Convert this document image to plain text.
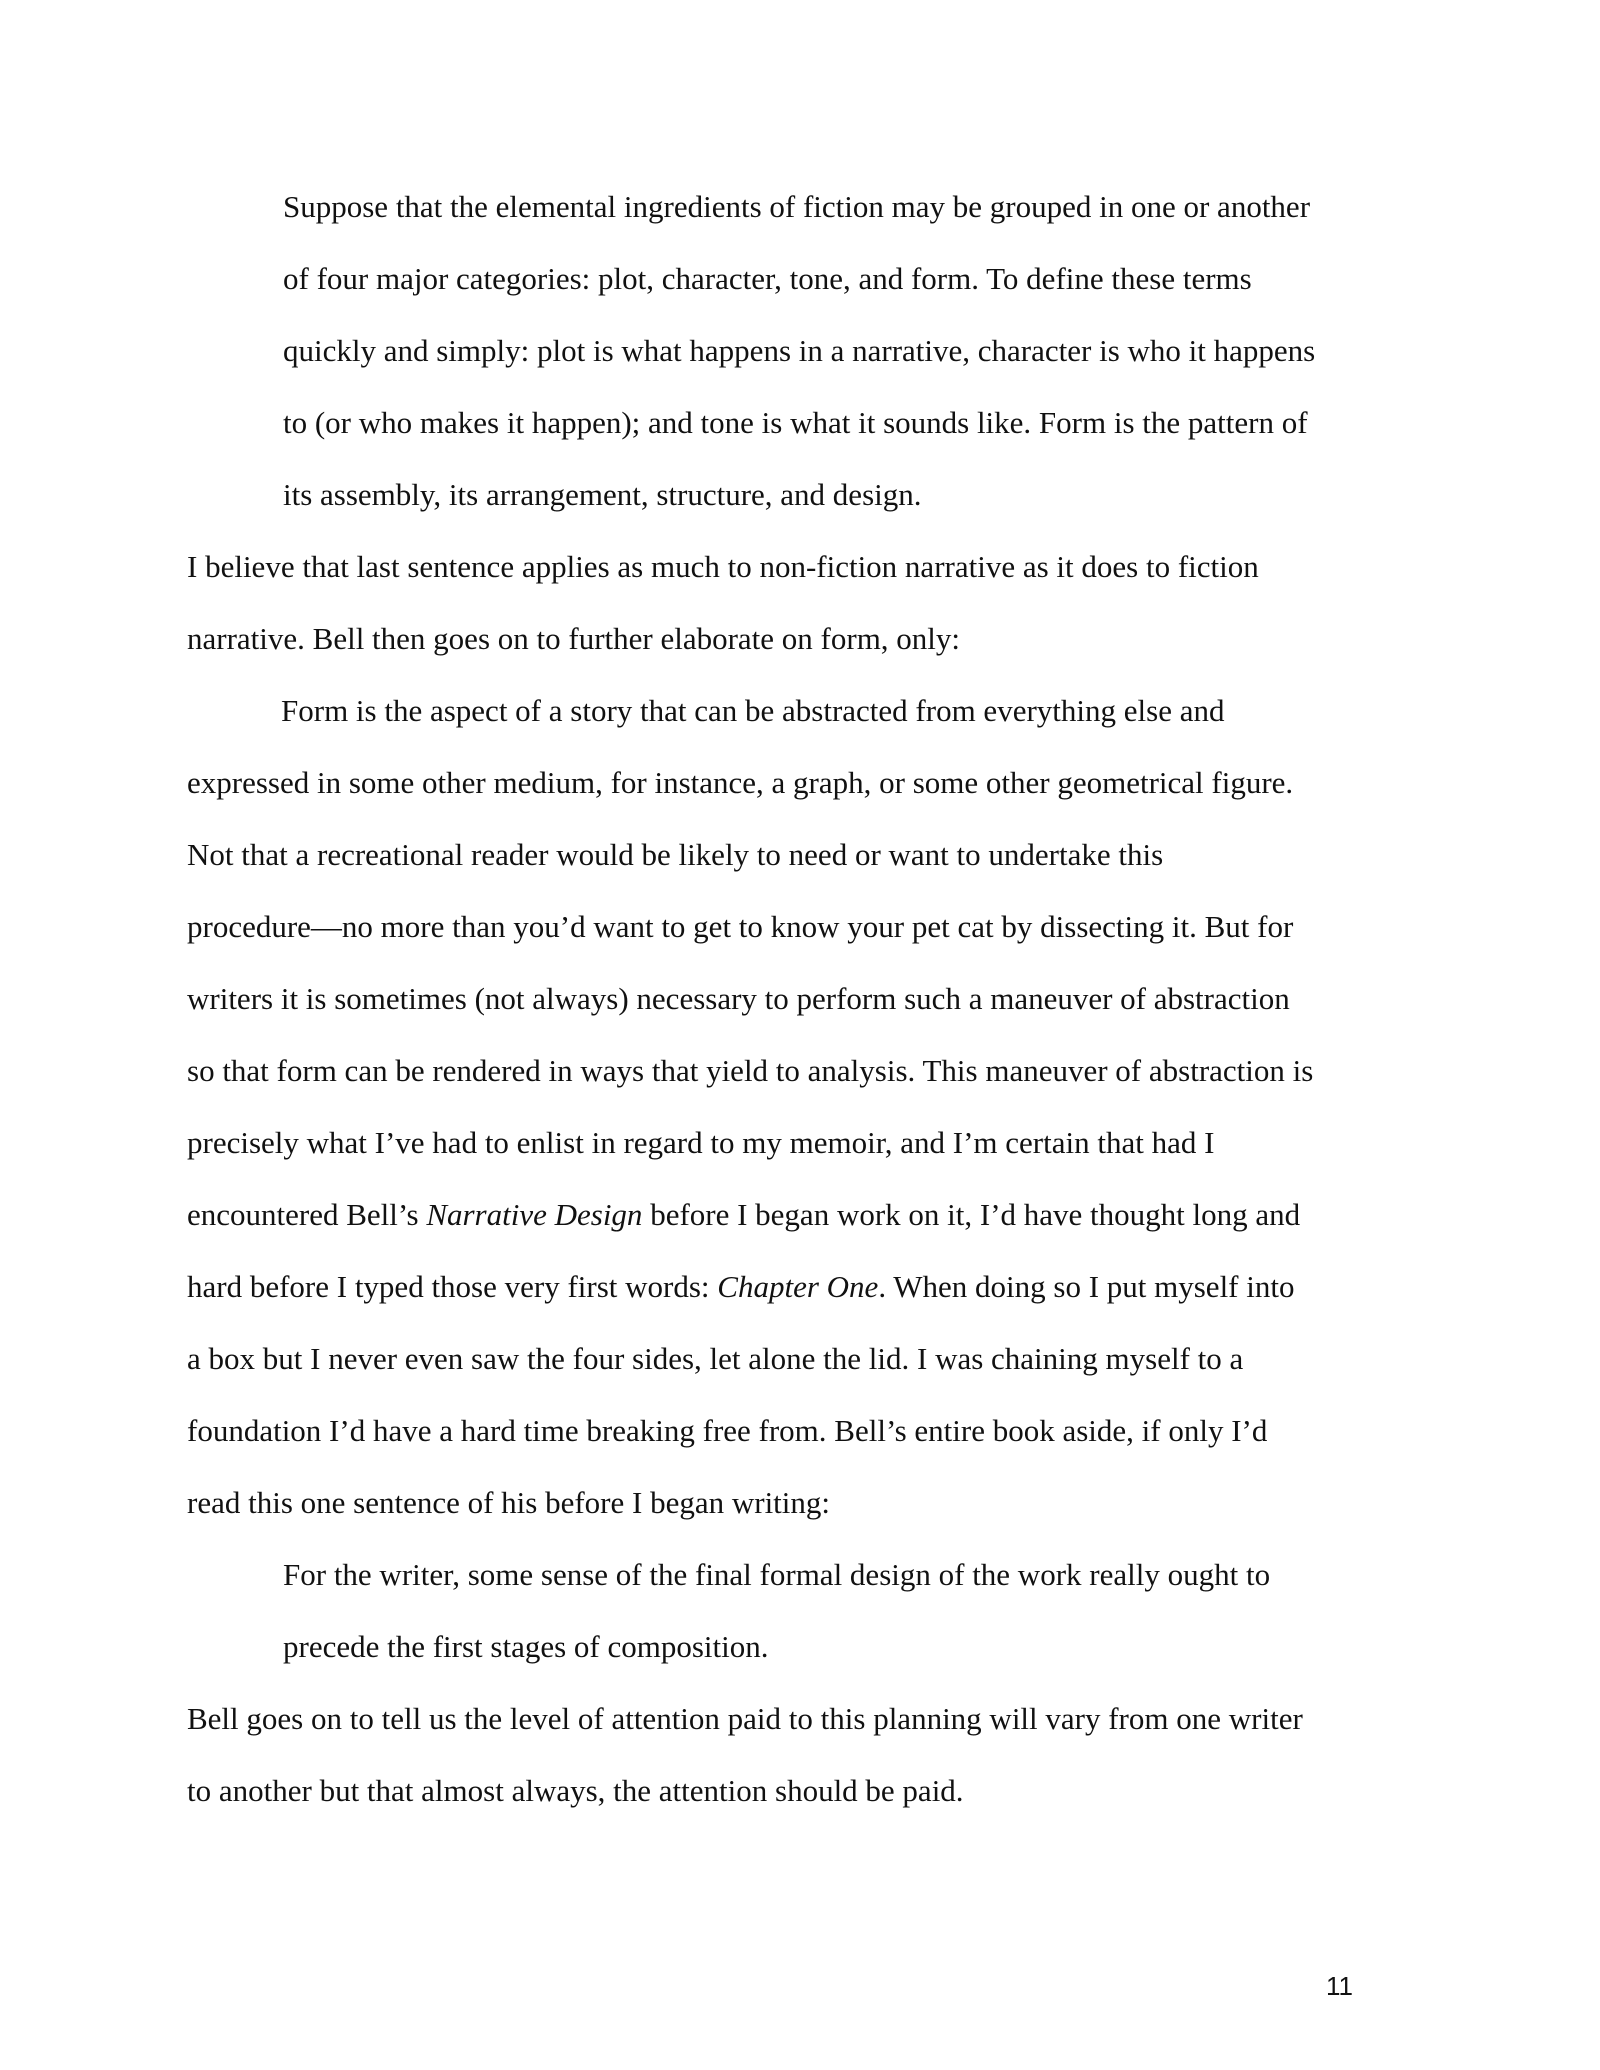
Suppose that the elemental ingredients of fiction may be grouped in one or another
of four major categories: plot, character, tone, and form. To define these terms
quickly and simply: plot is what happens in a narrative, character is who it happens
to (or who makes it happen); and tone is what it sounds like. Form is the pattern of
its assembly, its arrangement, structure, and design.
I believe that last sentence applies as much to non-fiction narrative as it does to fiction
narrative. Bell then goes on to further elaborate on form, only:
Form is the aspect of a story that can be abstracted from everything else and
expressed in some other medium, for instance, a graph, or some other geometrical figure.
Not that a recreational reader would be likely to need or want to undertake this
procedure—no more than you’d want to get to know your pet cat by dissecting it. But for
writers it is sometimes (not always) necessary to perform such a maneuver of abstraction
so that form can be rendered in ways that yield to analysis. This maneuver of abstraction is
precisely what I’ve had to enlist in regard to my memoir, and I’m certain that had I
encountered Bell’s Narrative Design before I began work on it, I’d have thought long and
hard before I typed those very first words: Chapter One. When doing so I put myself into
a box but I never even saw the four sides, let alone the lid. I was chaining myself to a
foundation I’d have a hard time breaking free from. Bell’s entire book aside, if only I’d
read this one sentence of his before I began writing:
For the writer, some sense of the final formal design of the work really ought to
precede the first stages of composition.
Bell goes on to tell us the level of attention paid to this planning will vary from one writer
to another but that almost always, the attention should be paid.
11
